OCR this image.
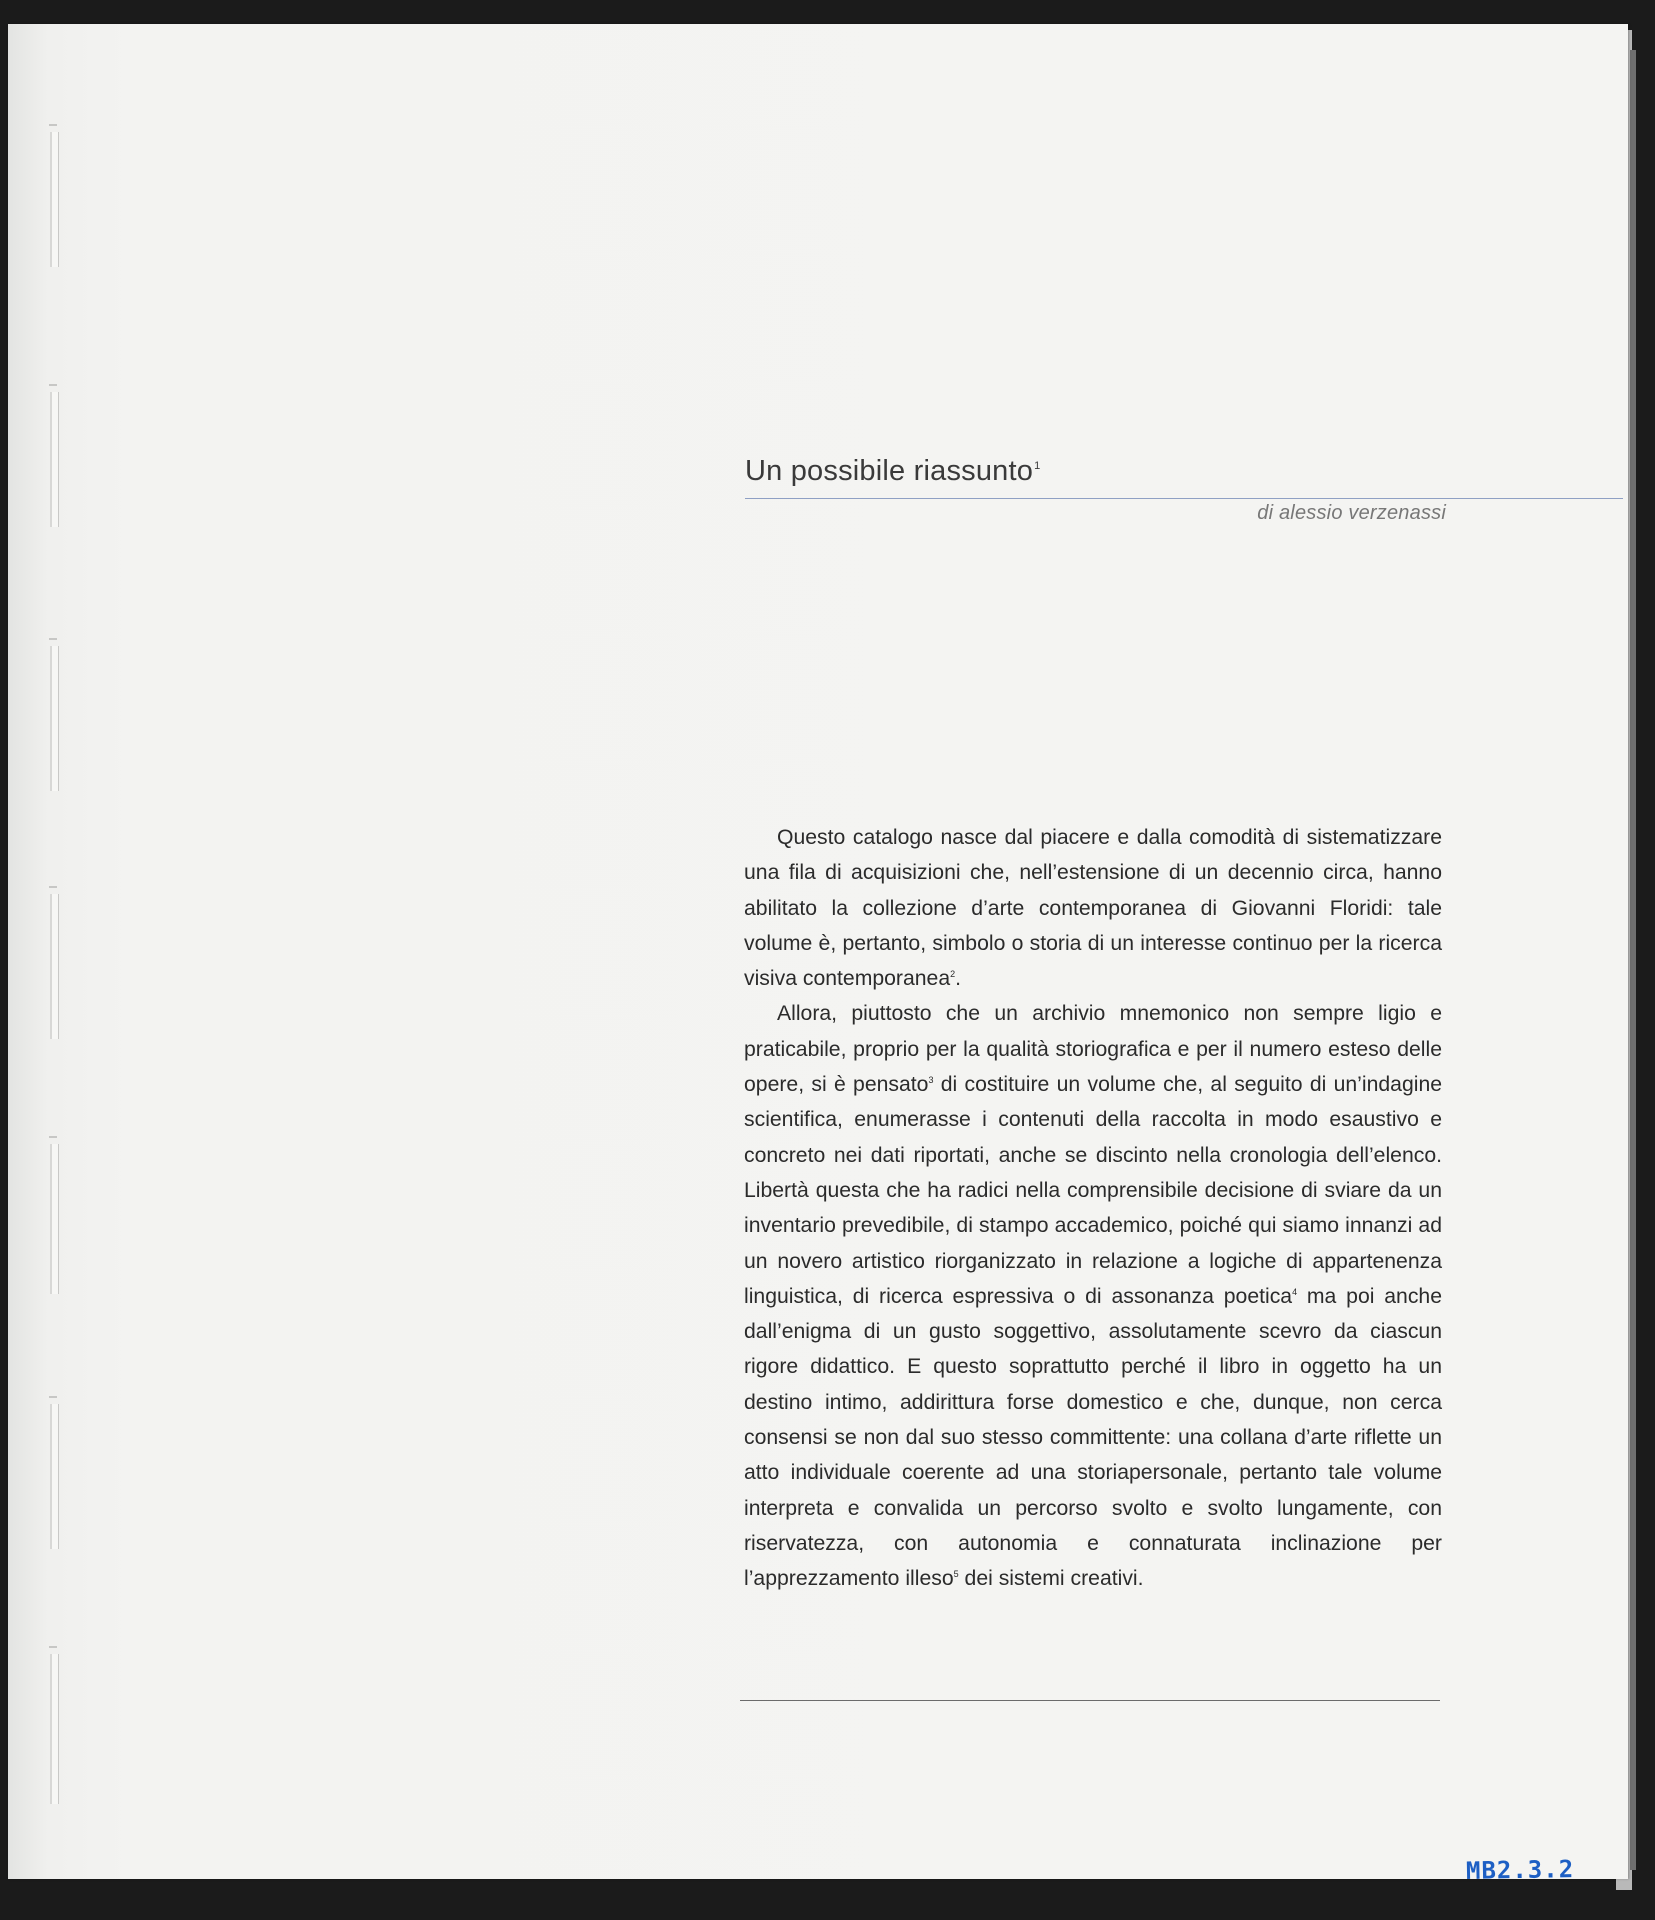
Un possibile riassunto$^1$
di alessio verzenassi

Questo catalogo nasce dal piacere e dalla comodità di sistematizzare una fila di acquisizioni che, nell’estensione di un decennio circa, hanno abilitato la collezione d’arte contemporanea di Giovanni Floridi: tale volume è, pertanto, simbolo o storia di un interesse continuo per la ricerca visiva contemporanea$^2$.

Allora, piuttosto che un archivio mnemonico non sempre ligio e praticabile, proprio per la qualità storiografica e per il numero esteso delle opere, si è pensato$^3$ di costituire un volume che, al seguito di un’indagine scientifica, enumerasse i contenuti della raccolta in modo esaustivo e concreto nei dati riportati, anche se discinto nella cronologia dell’elenco. Libertà questa che ha radici nella comprensibile decisione di sviare da un inventario prevedibile, di stampo accademico, poiché qui siamo innanzi ad un novero artistico riorganizzato in relazione a logiche di appartenenza linguistica, di ricerca espressiva o di assonanza poetica$^4$ ma poi anche dall’enigma di un gusto soggettivo, assolutamente scevro da ciascun rigore didattico. E questo soprattutto perché il libro in oggetto ha un destino intimo, addirittura forse domestico e che, dunque, non cerca consensi se non dal suo stesso committente: una collana d’arte riflette un atto individuale coerente ad una storiapersonale, pertanto tale volume interpreta e convalida un percorso svolto e svolto lungamente, con riservatezza, con autonomia e connaturata inclinazione per l’apprezzamento illeso$^5$ dei sistemi creativi.

MB2.3.2
